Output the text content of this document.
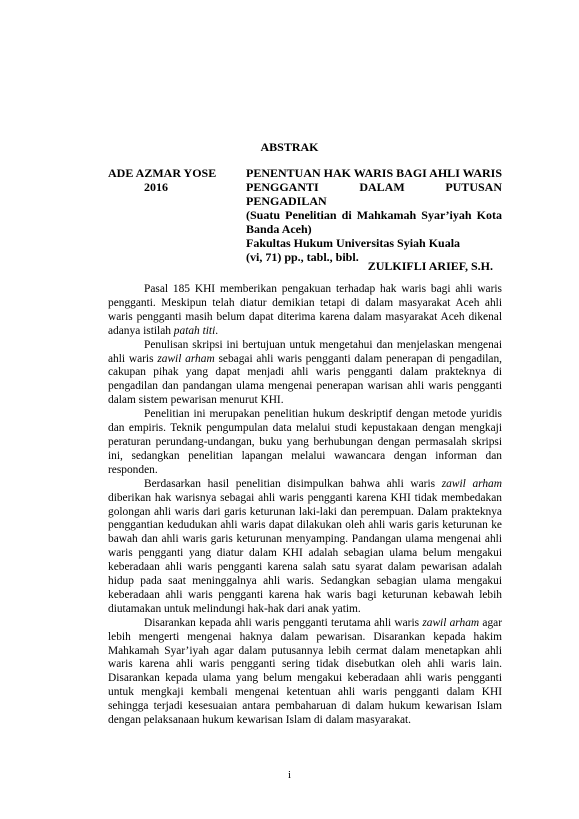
ABSTRAK
ADE AZMAR YOSE
2016
PENENTUAN HAK WARIS BAGI AHLI WARIS PENGGANTI DALAM PUTUSAN PENGADILAN
(Suatu Penelitian di Mahkamah Syar’iyah Kota Banda Aceh)
Fakultas Hukum Universitas Syiah Kuala
(vi, 71) pp., tabl., bibl.
ZULKIFLI ARIEF, S.H.

Pasal 185 KHI memberikan pengakuan terhadap hak waris bagi ahli waris pengganti. Meskipun telah diatur demikian tetapi di dalam masyarakat Aceh ahli waris pengganti masih belum dapat diterima karena dalam masyarakat Aceh dikenal adanya istilah patah titi.

Penulisan skripsi ini bertujuan untuk mengetahui dan menjelaskan mengenai ahli waris zawil arham sebagai ahli waris pengganti dalam penerapan di pengadilan, cakupan pihak yang dapat menjadi ahli waris pengganti dalam prakteknya di pengadilan dan pandangan ulama mengenai penerapan warisan ahli waris pengganti dalam sistem pewarisan menurut KHI.

Penelitian ini merupakan penelitian hukum deskriptif dengan metode yuridis dan empiris. Teknik pengumpulan data melalui studi kepustakaan dengan mengkaji peraturan perundang-undangan, buku yang berhubungan dengan permasalah skripsi ini, sedangkan penelitian lapangan melalui wawancara dengan informan dan responden.

Berdasarkan hasil penelitian disimpulkan bahwa ahli waris zawil arham diberikan hak warisnya sebagai ahli waris pengganti karena KHI tidak membedakan golongan ahli waris dari garis keturunan laki-laki dan perempuan. Dalam prakteknya penggantian kedudukan ahli waris dapat dilakukan oleh ahli waris garis keturunan ke bawah dan ahli waris garis keturunan menyamping. Pandangan ulama mengenai ahli waris pengganti yang diatur dalam KHI adalah sebagian ulama belum mengakui keberadaan ahli waris pengganti karena salah satu syarat dalam pewarisan adalah hidup pada saat meninggalnya ahli waris. Sedangkan sebagian ulama mengakui keberadaan ahli waris pengganti karena hak waris bagi keturunan kebawah lebih diutamakan untuk melindungi hak-hak dari anak yatim.

Disarankan kepada ahli waris pengganti terutama ahli waris zawil arham agar lebih mengerti mengenai haknya dalam pewarisan. Disarankan kepada hakim Mahkamah Syar’iyah agar dalam putusannya lebih cermat dalam menetapkan ahli waris karena ahli waris pengganti sering tidak disebutkan oleh ahli waris lain. Disarankan kepada ulama yang belum mengakui keberadaan ahli waris pengganti untuk mengkaji kembali mengenai ketentuan ahli waris pengganti dalam KHI sehingga terjadi kesesuaian antara pembaharuan di dalam hukum kewarisan Islam dengan pelaksanaan hukum kewarisan Islam di dalam masyarakat.

i
